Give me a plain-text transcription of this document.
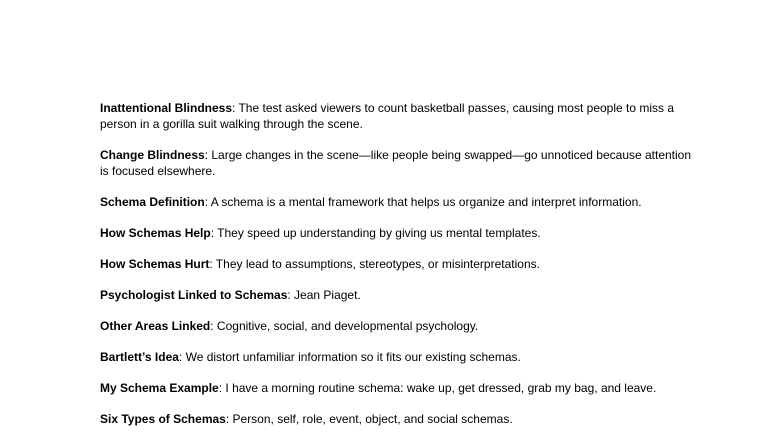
Inattentional Blindness: The test asked viewers to count basketball passes, causing most people to miss a person in a gorilla suit walking through the scene.

Change Blindness: Large changes in the scene—like people being swapped—go unnoticed because attention is focused elsewhere.

Schema Definition: A schema is a mental framework that helps us organize and interpret information.

How Schemas Help: They speed up understanding by giving us mental templates.

How Schemas Hurt: They lead to assumptions, stereotypes, or misinterpretations.

Psychologist Linked to Schemas: Jean Piaget.

Other Areas Linked: Cognitive, social, and developmental psychology.

Bartlett’s Idea: We distort unfamiliar information so it fits our existing schemas.

My Schema Example: I have a morning routine schema: wake up, get dressed, grab my bag, and leave.

Six Types of Schemas: Person, self, role, event, object, and social schemas.
